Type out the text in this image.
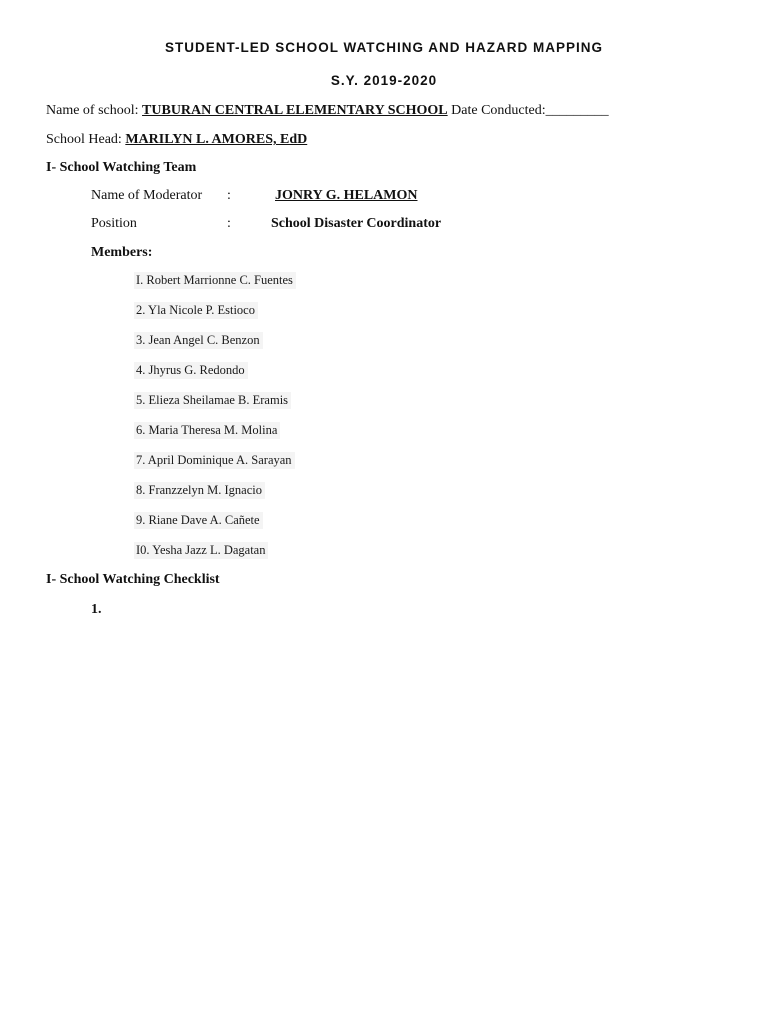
STUDENT-LED SCHOOL WATCHING AND HAZARD MAPPING
S.Y. 2019-2020
Name of school: TUBURAN CENTRAL ELEMENTARY SCHOOL Date Conducted:_________
School Head: MARILYN L. AMORES, EdD
I- School Watching Team
Name of Moderator :	JONRY G. HELAMON
Position	:	School Disaster Coordinator
Members:
I. Robert Marrionne C. Fuentes
2. Yla Nicole P. Estioco
3. Jean Angel C. Benzon
4. Jhyrus G. Redondo
5. Elieza Sheilamae B. Eramis
6. Maria Theresa M. Molina
7. April Dominique A. Sarayan
8. Franzzelyn M. Ignacio
9. Riane Dave A. Cañete
I0. Yesha Jazz L. Dagatan
I- School Watching Checklist
1.
